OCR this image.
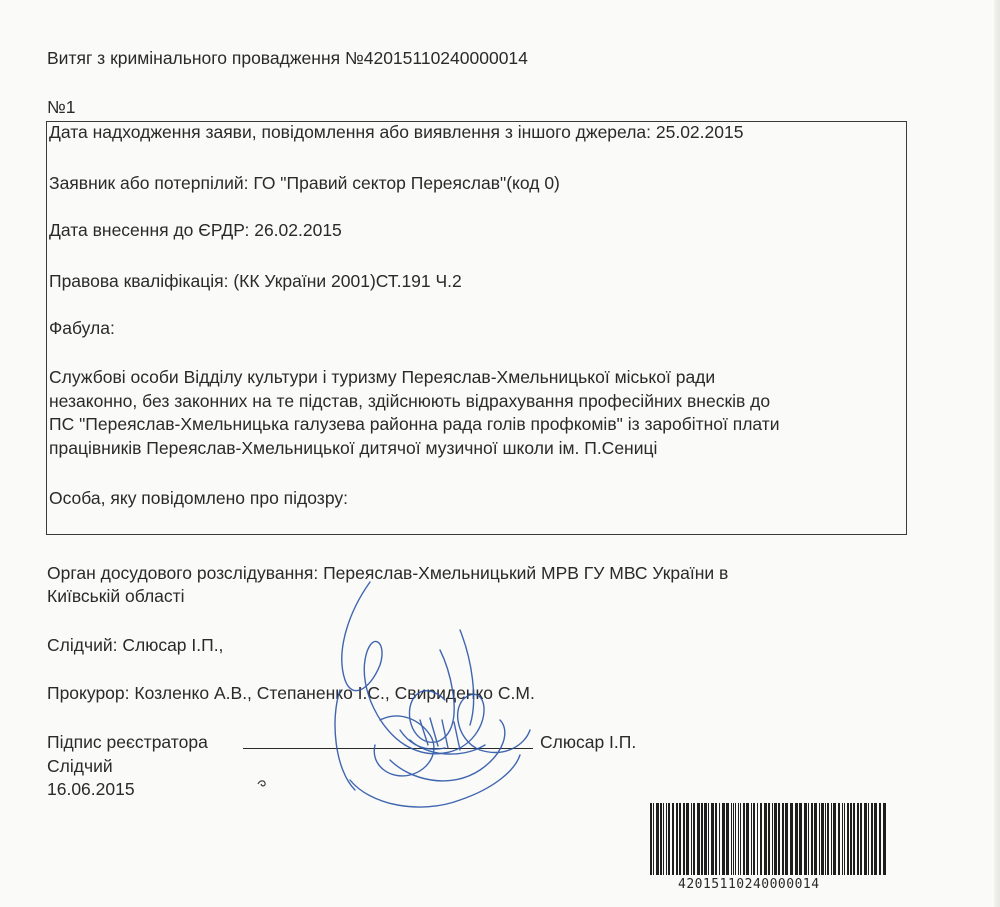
Витяг з кримінального провадження №42015110240000014
№1
Дата надходження заяви, повідомлення або виявлення з іншого джерела: 25.02.2015
Заявник або потерпілий: ГО "Правий сектор Переяслав"(код 0)
Дата внесення до ЄРДР: 26.02.2015
Правова кваліфікація: (КК України 2001)СТ.191 Ч.2
Фабула:
Службові особи Відділу культури і туризму Переяслав-Хмельницької міської ради
незаконно, без законних на те підстав, здійснюють відрахування професійних внесків до
ПС "Переяслав-Хмельницька галузева районна рада голів профкомів" із заробітної плати
працівників Переяслав-Хмельницької дитячої музичної школи ім. П.Сениці
Особа, яку повідомлено про підозру:
Орган досудового розслідування: Переяслав-Хмельницький МРВ ГУ МВС України в
Київській області
Слідчий: Слюсар І.П.,
Прокурор: Козленко А.В., Степаненко І.С., Свириденко С.М.
Підпис реєстратора	Слюсар І.П.
Слідчий
16.06.2015
42015110240000014
